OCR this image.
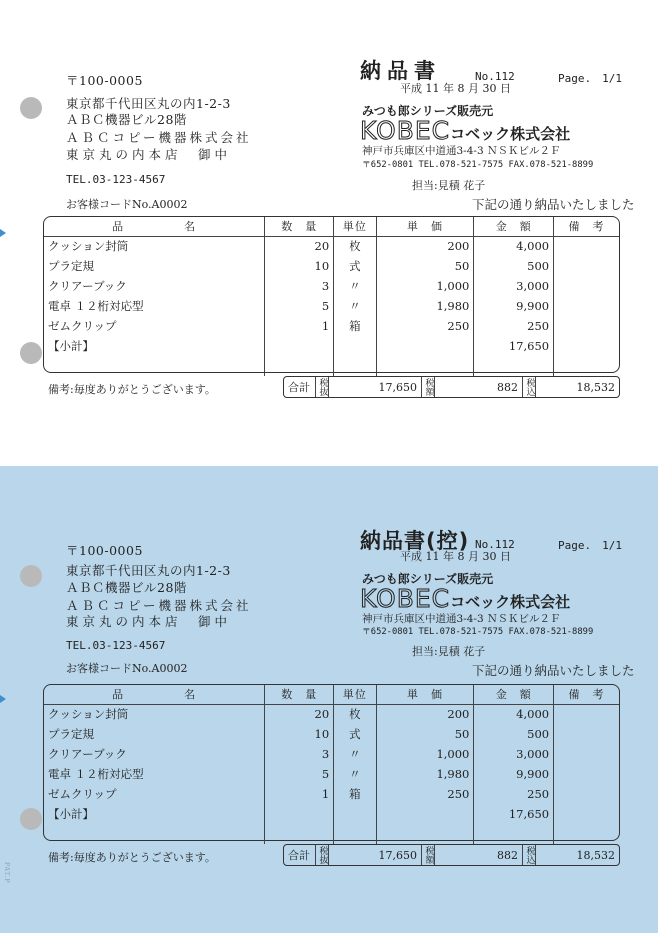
〒100-0005
東京都千代田区丸の内1-2-3
ＡＢＣ機器ビル28階
ＡＢＣコピー機器株式会社
東京丸の内本店　御中
TEL.03-123-4567
お客様コードNo.A0002
納品書	No.112	Page.　1/1
平成 11 年 8 月 30 日
みつも郎シリーズ販売元
KOBEC コベック株式会社
神戸市兵庫区中道通3-4-3 ＮＳＫビル２Ｆ
〒652-0801 TEL.078-521-7575 FAX.078-521-8899
担当:見積 花子
下記の通り納品いたしました
品　　　　　名	数　量	単位	単　価	金　額	備　考
クッション封筒	20	枚	200	4,000	
プラ定規	10	式	50	500	
クリアーブック	3	〃	1,000	3,000	
電卓 １２桁対応型	5	〃	1,980	9,900	
ゼムクリップ	1	箱	250	250	
【小計】				17,650	

備考:毎度ありがとうございます。	合計 税抜	17,650 税額	882 税込	18,532
〒100-0005
東京都千代田区丸の内1-2-3
ＡＢＣ機器ビル28階
ＡＢＣコピー機器株式会社
東京丸の内本店　御中
TEL.03-123-4567
お客様コードNo.A0002
納品書(控) No.112	Page.　1/1
平成 11 年 8 月 30 日
みつも郎シリーズ販売元
KOBEC コベック株式会社
神戸市兵庫区中道通3-4-3 ＮＳＫビル２Ｆ
〒652-0801 TEL.078-521-7575 FAX.078-521-8899
担当:見積 花子
下記の通り納品いたしました
品　　　　　名	数　量	単位	単　価	金　額	備　考
クッション封筒	20	枚	200	4,000	
プラ定規	10	式	50	500	
クリアーブック	3	〃	1,000	3,000	
電卓 １２桁対応型	5	〃	1,980	9,900	
ゼムクリップ	1	箱	250	250	
【小計】				17,650	

備考:毎度ありがとうございます。	合計 税抜	17,650 税額	882 税込	18,532
PAT.P
